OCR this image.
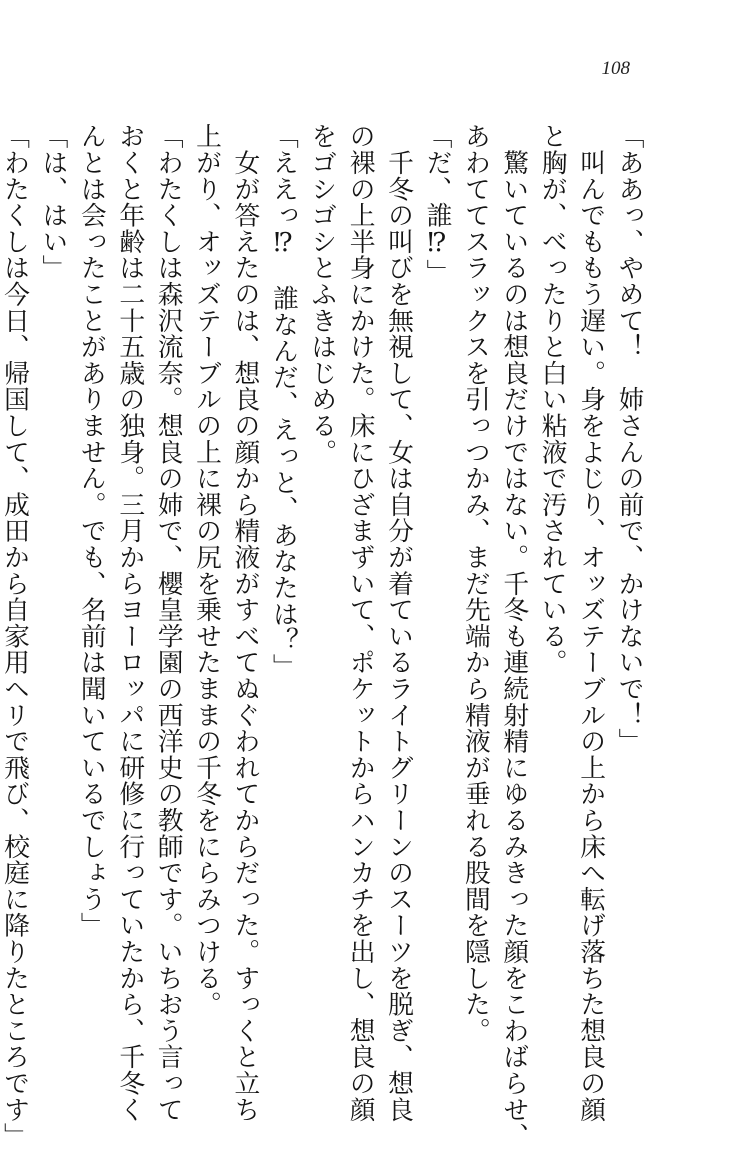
108
「ああっ、やめて！　姉さんの前で、かけないで！」
　叫んでももう遅い。身をよじり、オッズテーブルの上から床へ転げ落ちた想良の顔
と胸が、べったりと白い粘液で汚されている。
　驚いているのは想良だけではない。千冬も連続射精にゆるみきった顔をこわばらせ、
あわててスラックスを引っつかみ、まだ先端から精液が垂れる股間を隠した。
「だ、誰⁉」
　千冬の叫びを無視して、女は自分が着ているライトグリーンのスーツを脱ぎ、想良
の裸の上半身にかけた。床にひざまずいて、ポケットからハンカチを出し、想良の顔
をゴシゴシとふきはじめる。
「ええっ⁉　誰なんだ、えっと、あなたは？」
　女が答えたのは、想良の顔から精液がすべてぬぐわれてからだった。すっくと立ち
上がり、オッズテーブルの上に裸の尻を乗せたままの千冬をにらみつける。
「わたくしは森沢流奈。想良の姉で、櫻皇学園の西洋史の教師です。いちおう言って
おくと年齢は二十五歳の独身。三月からヨーロッパに研修に行っていたから、千冬く
んとは会ったことがありません。でも、名前は聞いているでしょう」
「は、はい」
「わたくしは今日、帰国して、成田から自家用ヘリで飛び、校庭に降りたところです」
